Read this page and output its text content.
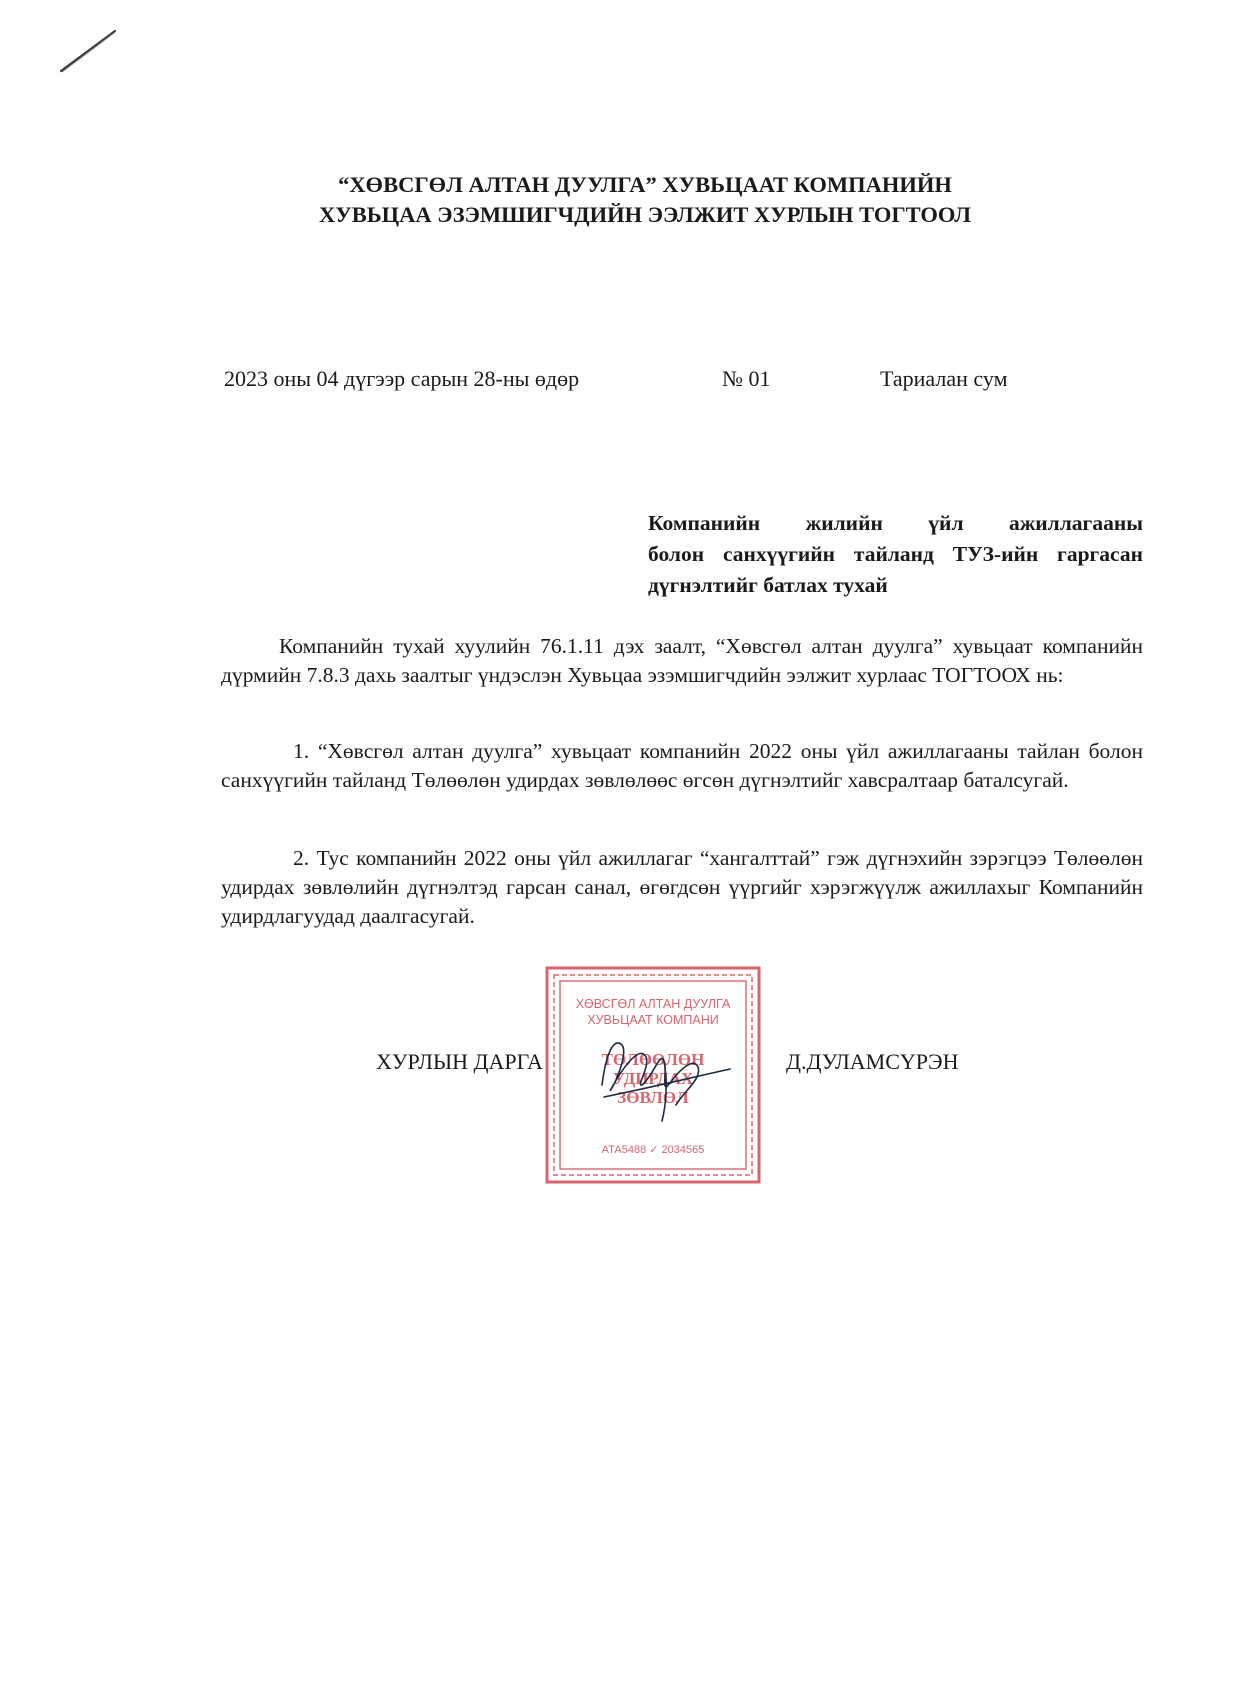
“ХӨВСГӨЛ АЛТАН ДУУЛГА” ХУВЬЦААТ КОМПАНИЙН
ХУВЬЦАА ЭЗЭМШИГЧДИЙН ЭЭЛЖИТ ХУРЛЫН ТОГТООЛ
2023 оны 04 дүгээр сарын 28-ны өдөр	№ 01	Тариалан сум
Компанийн жилийн үйл ажиллагааны
болон санхүүгийн тайланд ТУЗ-ийн гаргасан
дүгнэлтийг батлах тухай

Компанийн тухай хуулийн 76.1.11 дэх заалт, “Хөвсгөл алтан дуулга” хувьцаат компанийн дүрмийн 7.8.3 дахь заалтыг үндэслэн Хувьцаа эзэмшигчдийн ээлжит хурлаас ТОГТООХ нь:

1. “Хөвсгөл алтан дуулга” хувьцаат компанийн 2022 оны үйл ажиллагааны тайлан болон санхүүгийн тайланд Төлөөлөн удирдах зөвлөлөөс өгсөн дүгнэлтийг хавсралтаар баталсугай.

2. Тус компанийн 2022 оны үйл ажиллагаг “хангалттай” гэж дүгнэхийн зэрэгцээ Төлөөлөн удирдах зөвлөлийн дүгнэлтэд гарсан санал, өгөгдсөн үүргийг хэрэгжүүлж ажиллахыг Компанийн удирдлагуудад даалгасугай.

ХУРЛЫН ДАРГА	Д.ДУЛАМСҮРЭН
ХӨВСГӨЛ АЛТАН ДУУЛГА
ХУВЬЦААТ КОМПАНИ
ТӨЛӨӨЛӨН
УДИРДАХ
ЗӨВЛӨЛ
АТА5488 ✓ 2034565
